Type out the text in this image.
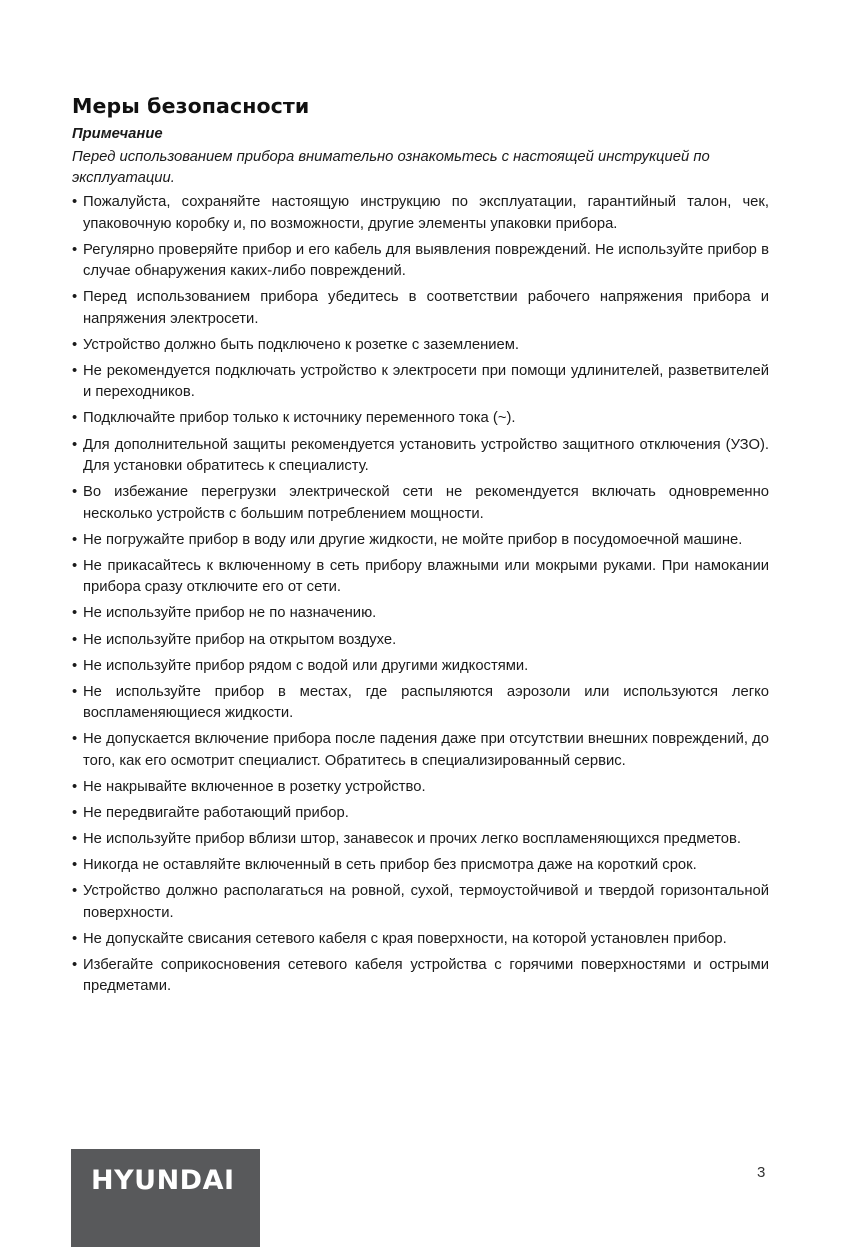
Меры безопасности
Примечание

Перед использованием прибора внимательно ознакомьтесь с настоящей инструкцией по эксплуатации.

• Пожалуйста, сохраняйте настоящую инструкцию по эксплуатации, гарантийный талон, чек, упаковочную коробку и, по возможности, другие элементы упаковки прибора.
• Регулярно проверяйте прибор и его кабель для выявления повреждений. Не используйте прибор в случае обнаружения каких-либо повреждений.
• Перед использованием прибора убедитесь в соответствии рабочего напряжения прибора и напряжения электросети.
• Устройство должно быть подключено к розетке с заземлением.
• Не рекомендуется подключать устройство к электросети при помощи удлинителей, разветвителей и переходников.
• Подключайте прибор только к источнику переменного тока (~).
• Для дополнительной защиты рекомендуется установить устройство защитного отключения (УЗО). Для установки обратитесь к специалисту.
• Во избежание перегрузки электрической сети не рекомендуется включать одновременно несколько устройств с большим потреблением мощности.
• Не погружайте прибор в воду или другие жидкости, не мойте прибор в посудомоечной машине.
• Не прикасайтесь к включенному в сеть прибору влажными или мокрыми руками. При намокании прибора сразу отключите его от сети.
• Не используйте прибор не по назначению.
• Не используйте прибор на открытом воздухе.
• Не используйте прибор рядом с водой или другими жидкостями.
• Не используйте прибор в местах, где распыляются аэрозоли или используются легко воспламеняющиеся жидкости.
• Не допускается включение прибора после падения даже при отсутствии внешних повреждений, до того, как его осмотрит специалист. Обратитесь в специализированный сервис.
• Не накрывайте включенное в розетку устройство.
• Не передвигайте работающий прибор.
• Не используйте прибор вблизи штор, занавесок и прочих легко воспламеняющихся предметов.
• Никогда не оставляйте включенный в сеть прибор без присмотра даже на короткий срок.
• Устройство должно располагаться на ровной, сухой, термоустойчивой и твердой горизонтальной поверхности.
• Не допускайте свисания сетевого кабеля с края поверхности, на которой установлен прибор.
• Избегайте соприкосновения сетевого кабеля устройства с горячими поверхностями и острыми предметами.
HYUNDAI	3
